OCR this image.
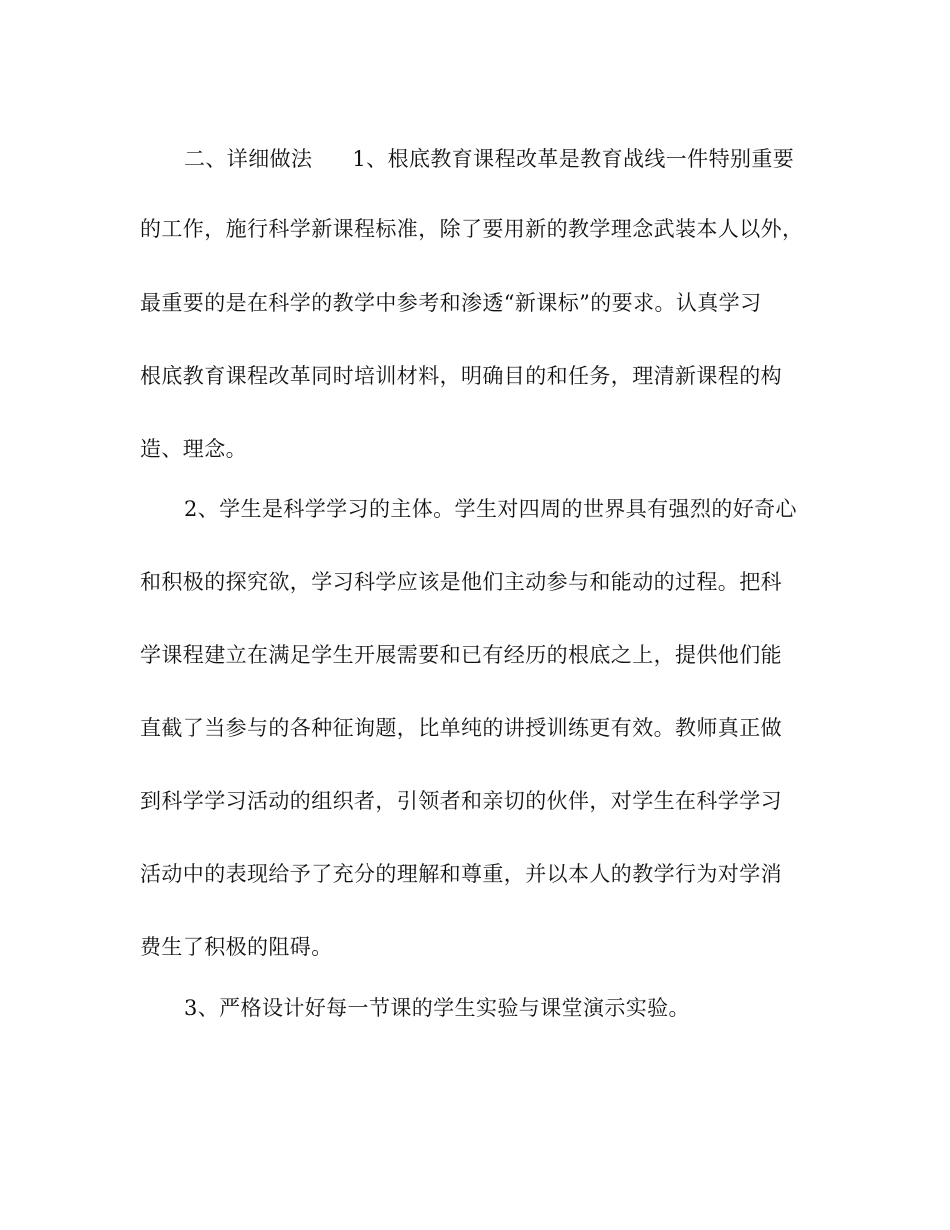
二、详细做法 1、根底教育课程改革是教育战线一件特别重要
的工作，施行科学新课程标准，除了要用新的教学理念武装本人以外，
最重要的是在科学的教学中参考和渗透“新课标”的要求。认真学习
根底教育课程改革同时培训材料，明确目的和任务，理清新课程的构
造、理念。
2、学生是科学学习的主体。学生对四周的世界具有强烈的好奇心
和积极的探究欲，学习科学应该是他们主动参与和能动的过程。把科
学课程建立在满足学生开展需要和已有经历的根底之上，提供他们能
直截了当参与的各种征询题，比单纯的讲授训练更有效。教师真正做
到科学学习活动的组织者，引领者和亲切的伙伴，对学生在科学学习
活动中的表现给予了充分的理解和尊重，并以本人的教学行为对学消
费生了积极的阻碍。
3、严格设计好每一节课的学生实验与课堂演示实验。
